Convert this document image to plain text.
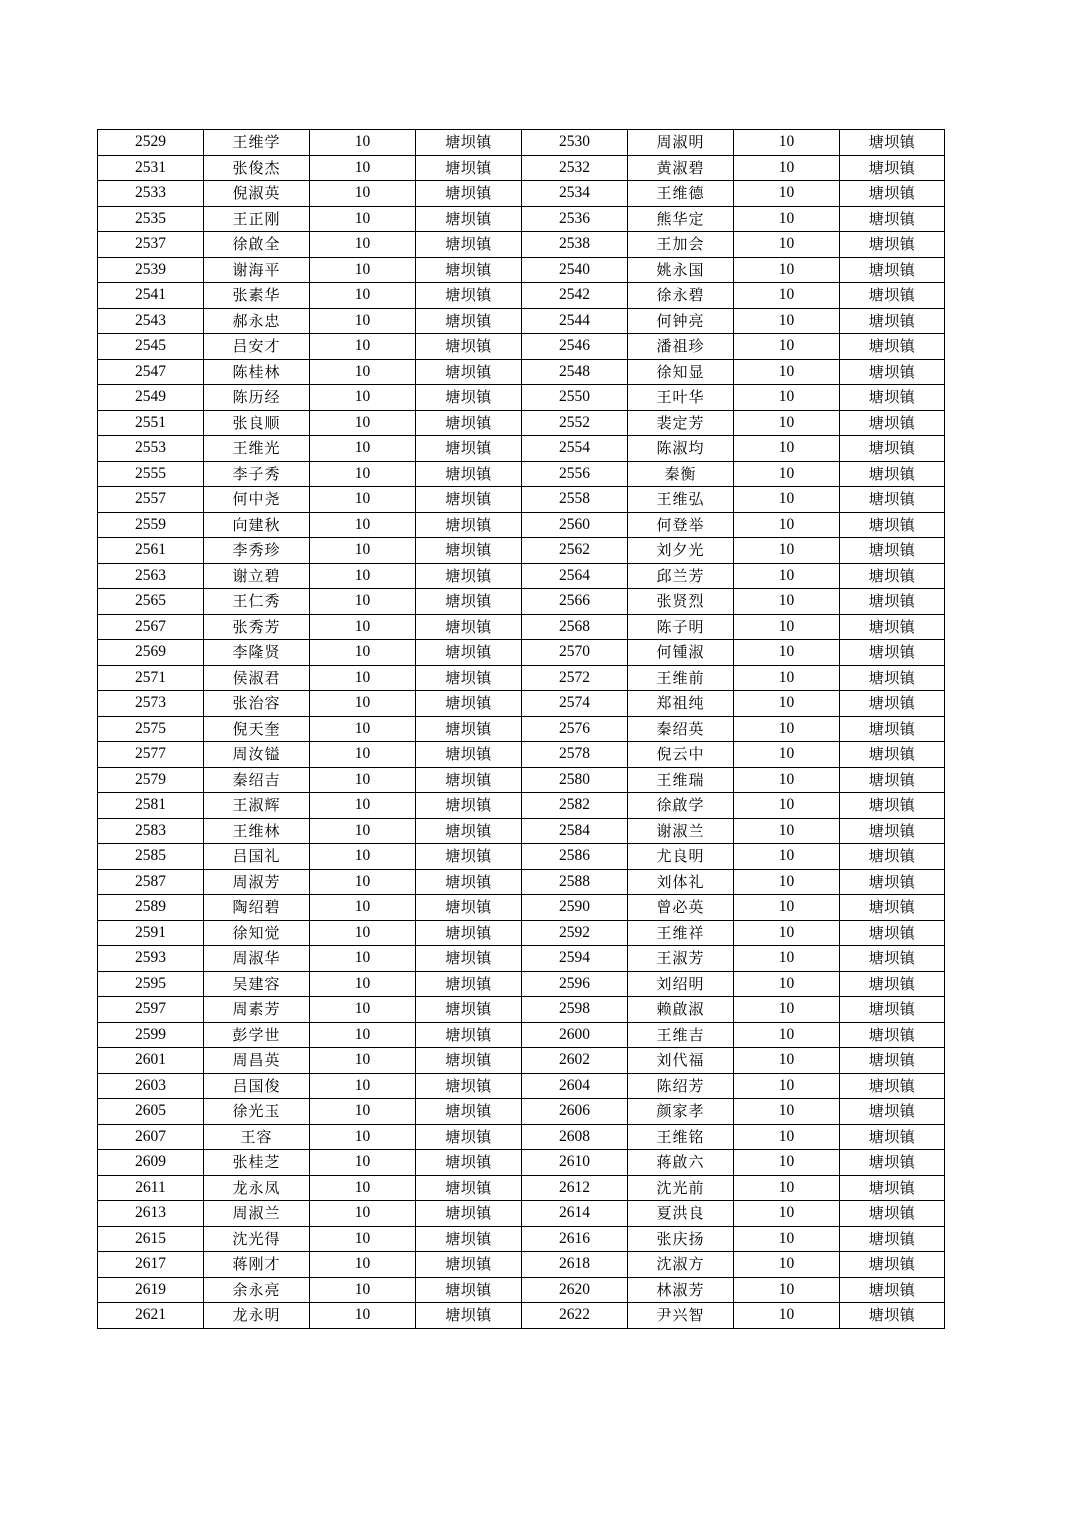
2529	王维学	10	塘坝镇	2530	周淑明	10	塘坝镇
2531	张俊杰	10	塘坝镇	2532	黄淑碧	10	塘坝镇
2533	倪淑英	10	塘坝镇	2534	王维德	10	塘坝镇
2535	王正刚	10	塘坝镇	2536	熊华定	10	塘坝镇
2537	徐啟全	10	塘坝镇	2538	王加会	10	塘坝镇
2539	谢海平	10	塘坝镇	2540	姚永国	10	塘坝镇
2541	张素华	10	塘坝镇	2542	徐永碧	10	塘坝镇
2543	郝永忠	10	塘坝镇	2544	何钟亮	10	塘坝镇
2545	吕安才	10	塘坝镇	2546	潘祖珍	10	塘坝镇
2547	陈桂林	10	塘坝镇	2548	徐知显	10	塘坝镇
2549	陈历经	10	塘坝镇	2550	王叶华	10	塘坝镇
2551	张良顺	10	塘坝镇	2552	裴定芳	10	塘坝镇
2553	王维光	10	塘坝镇	2554	陈淑均	10	塘坝镇
2555	李子秀	10	塘坝镇	2556	秦衡	10	塘坝镇
2557	何中尧	10	塘坝镇	2558	王维弘	10	塘坝镇
2559	向建秋	10	塘坝镇	2560	何登举	10	塘坝镇
2561	李秀珍	10	塘坝镇	2562	刘夕光	10	塘坝镇
2563	谢立碧	10	塘坝镇	2564	邱兰芳	10	塘坝镇
2565	王仁秀	10	塘坝镇	2566	张贤烈	10	塘坝镇
2567	张秀芳	10	塘坝镇	2568	陈子明	10	塘坝镇
2569	李隆贤	10	塘坝镇	2570	何锺淑	10	塘坝镇
2571	侯淑君	10	塘坝镇	2572	王维前	10	塘坝镇
2573	张治容	10	塘坝镇	2574	郑祖纯	10	塘坝镇
2575	倪天奎	10	塘坝镇	2576	秦绍英	10	塘坝镇
2577	周汝镒	10	塘坝镇	2578	倪云中	10	塘坝镇
2579	秦绍吉	10	塘坝镇	2580	王维瑞	10	塘坝镇
2581	王淑辉	10	塘坝镇	2582	徐啟学	10	塘坝镇
2583	王维林	10	塘坝镇	2584	谢淑兰	10	塘坝镇
2585	吕国礼	10	塘坝镇	2586	尤良明	10	塘坝镇
2587	周淑芳	10	塘坝镇	2588	刘体礼	10	塘坝镇
2589	陶绍碧	10	塘坝镇	2590	曾必英	10	塘坝镇
2591	徐知觉	10	塘坝镇	2592	王维祥	10	塘坝镇
2593	周淑华	10	塘坝镇	2594	王淑芳	10	塘坝镇
2595	吴建容	10	塘坝镇	2596	刘绍明	10	塘坝镇
2597	周素芳	10	塘坝镇	2598	赖啟淑	10	塘坝镇
2599	彭学世	10	塘坝镇	2600	王维吉	10	塘坝镇
2601	周昌英	10	塘坝镇	2602	刘代福	10	塘坝镇
2603	吕国俊	10	塘坝镇	2604	陈绍芳	10	塘坝镇
2605	徐光玉	10	塘坝镇	2606	颜家孝	10	塘坝镇
2607	王容	10	塘坝镇	2608	王维铭	10	塘坝镇
2609	张桂芝	10	塘坝镇	2610	蒋啟六	10	塘坝镇
2611	龙永凤	10	塘坝镇	2612	沈光前	10	塘坝镇
2613	周淑兰	10	塘坝镇	2614	夏洪良	10	塘坝镇
2615	沈光得	10	塘坝镇	2616	张庆扬	10	塘坝镇
2617	蒋刚才	10	塘坝镇	2618	沈淑方	10	塘坝镇
2619	余永亮	10	塘坝镇	2620	林淑芳	10	塘坝镇
2621	龙永明	10	塘坝镇	2622	尹兴智	10	塘坝镇
